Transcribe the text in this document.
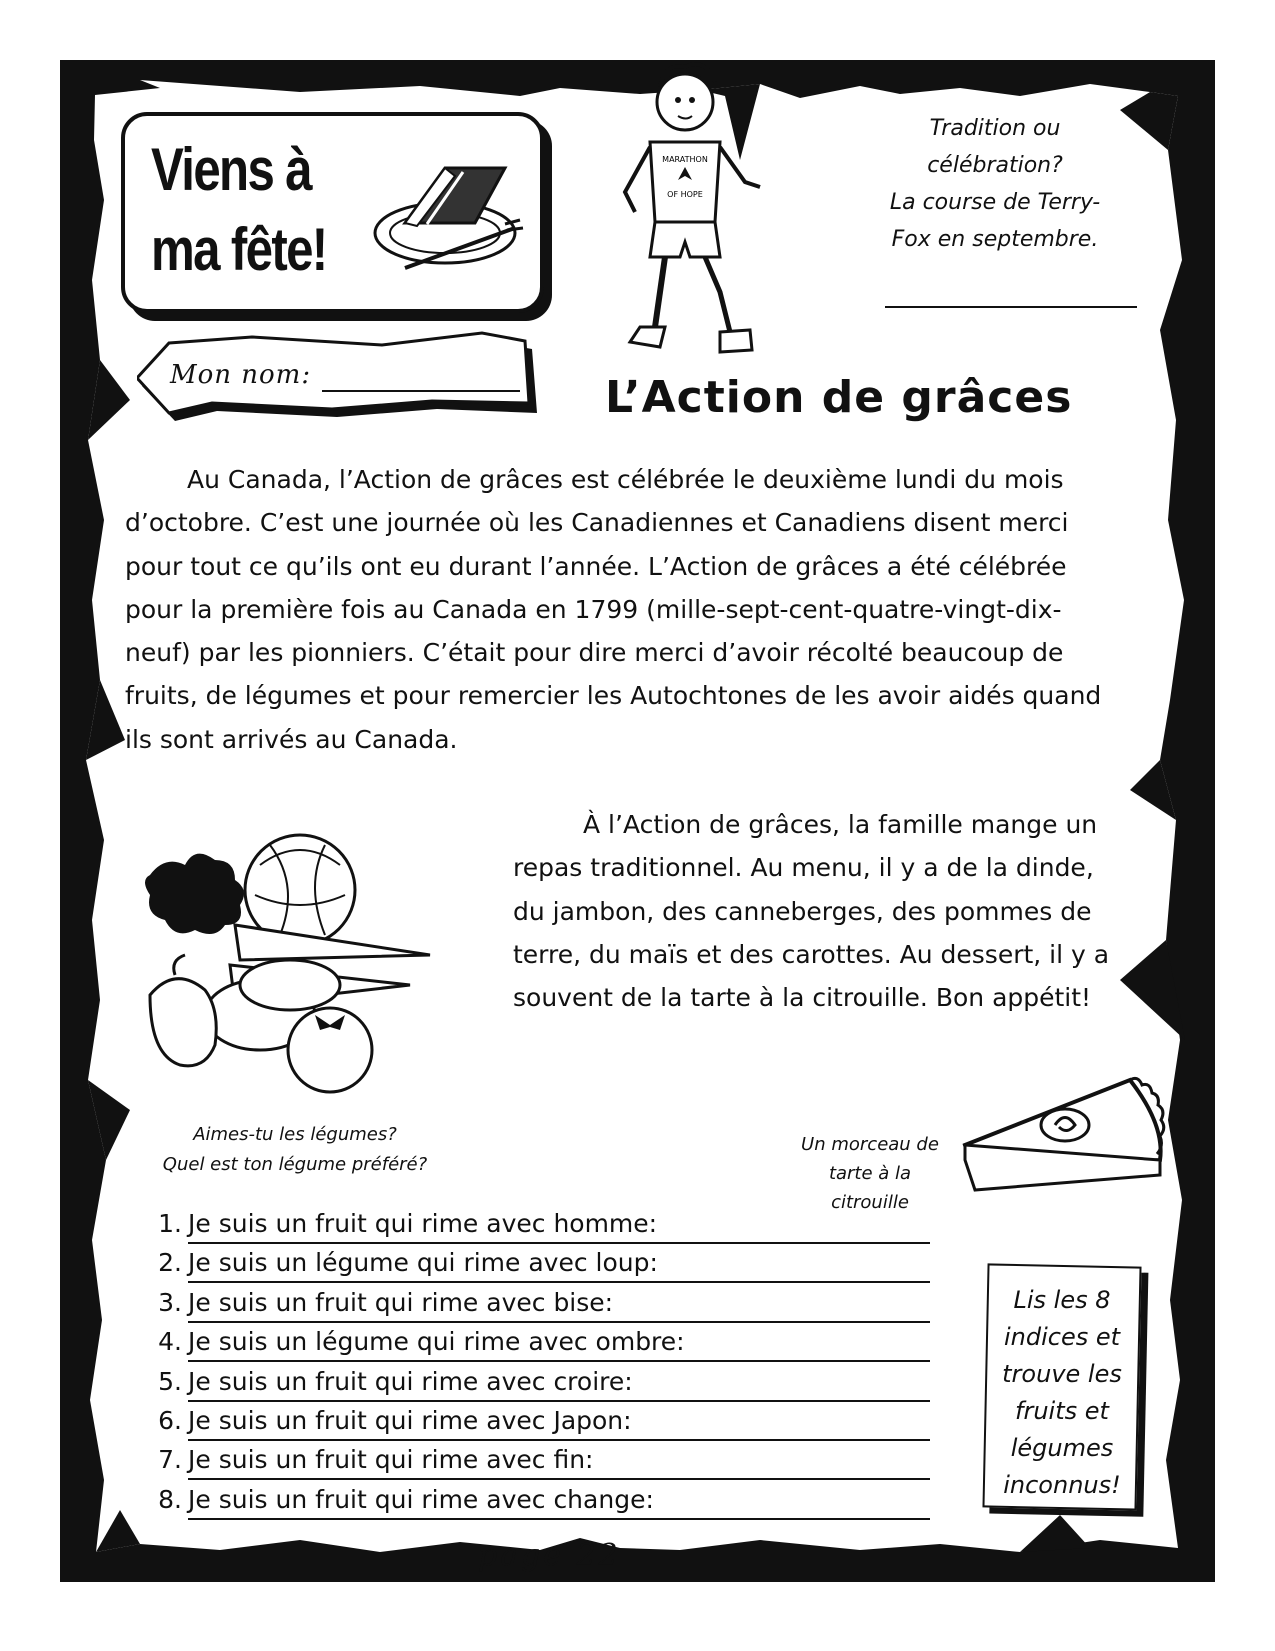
Viens à
ma fête!
MARATHON
OF HOPE
Tradition ou
célébration?
La course de Terry-
Fox en septembre.
Mon nom:	L’Action de grâces

Au Canada, l’Action de grâces est célébrée le deuxième lundi du mois d’octobre. C’est une journée où les Canadiennes et Canadiens disent merci pour tout ce qu’ils ont eu durant l’année. L’Action de grâces a été célébrée pour la première fois au Canada en 1799 (mille-sept-cent-quatre-vingt-dix-neuf) par les pionniers. C’était pour dire merci d’avoir récolté beaucoup de fruits, de légumes et pour remercier les Autochtones de les avoir aidés quand ils sont arrivés au Canada.

À l’Action de grâces, la famille mange un repas traditionnel. Au menu, il y a de la dinde, du jambon, des canneberges, des pommes de terre, du maïs et des carottes. Au dessert, il y a souvent de la tarte à la citrouille. Bon appétit!

Aimes-tu les légumes?
Quel est ton légume préféré?
Un morceau de
tarte à la
citrouille
1. Je suis un fruit qui rime avec homme:
2. Je suis un légume qui rime avec loup:
3. Je suis un fruit qui rime avec bise:
4. Je suis un légume qui rime avec ombre:
5. Je suis un fruit qui rime avec croire:
6. Je suis un fruit qui rime avec Japon:
7. Je suis un fruit qui rime avec fin:
8. Je suis un fruit qui rime avec change:
Lis les 8
indices et
trouve les
fruits et
légumes
inconnus!
page 22
